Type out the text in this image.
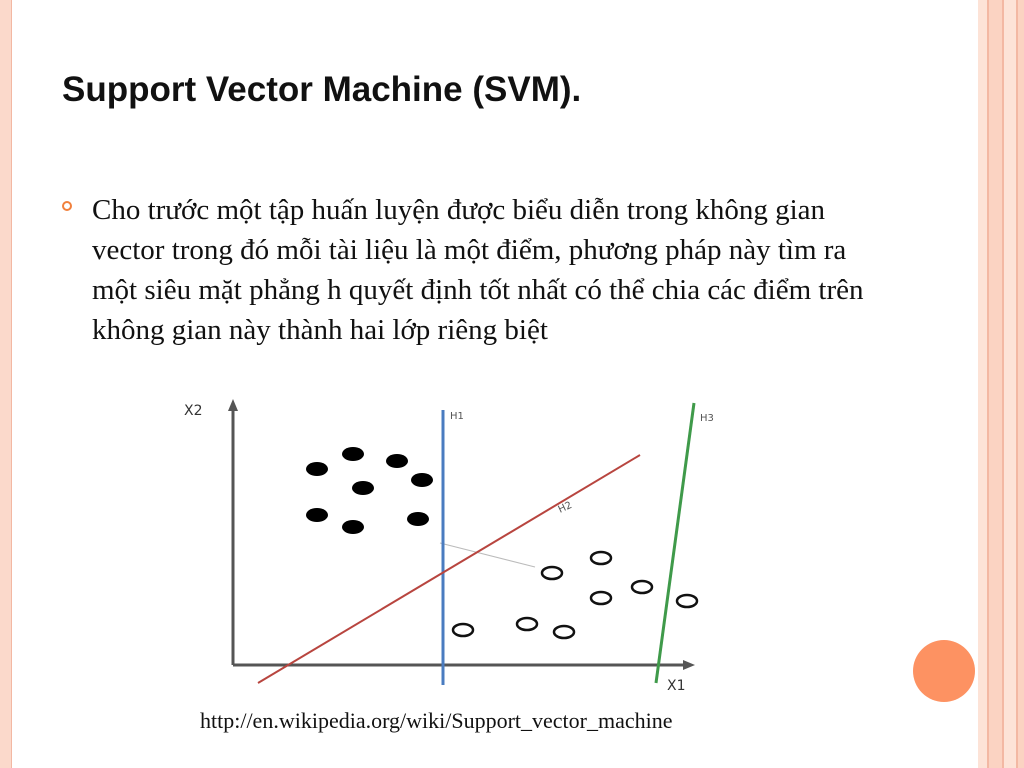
Support Vector Machine (SVM).
Cho trước một tập huấn luyện được biểu diễn trong không gian vector trong đó mỗi tài liệu là một điểm, phương pháp này tìm ra một siêu mặt phẳng h quyết định tốt nhất có thể chia các điểm trên không gian này thành hai lớp riêng biệt
X2
X1
H1
H2
H3
http://en.wikipedia.org/wiki/Support_vector_machine
